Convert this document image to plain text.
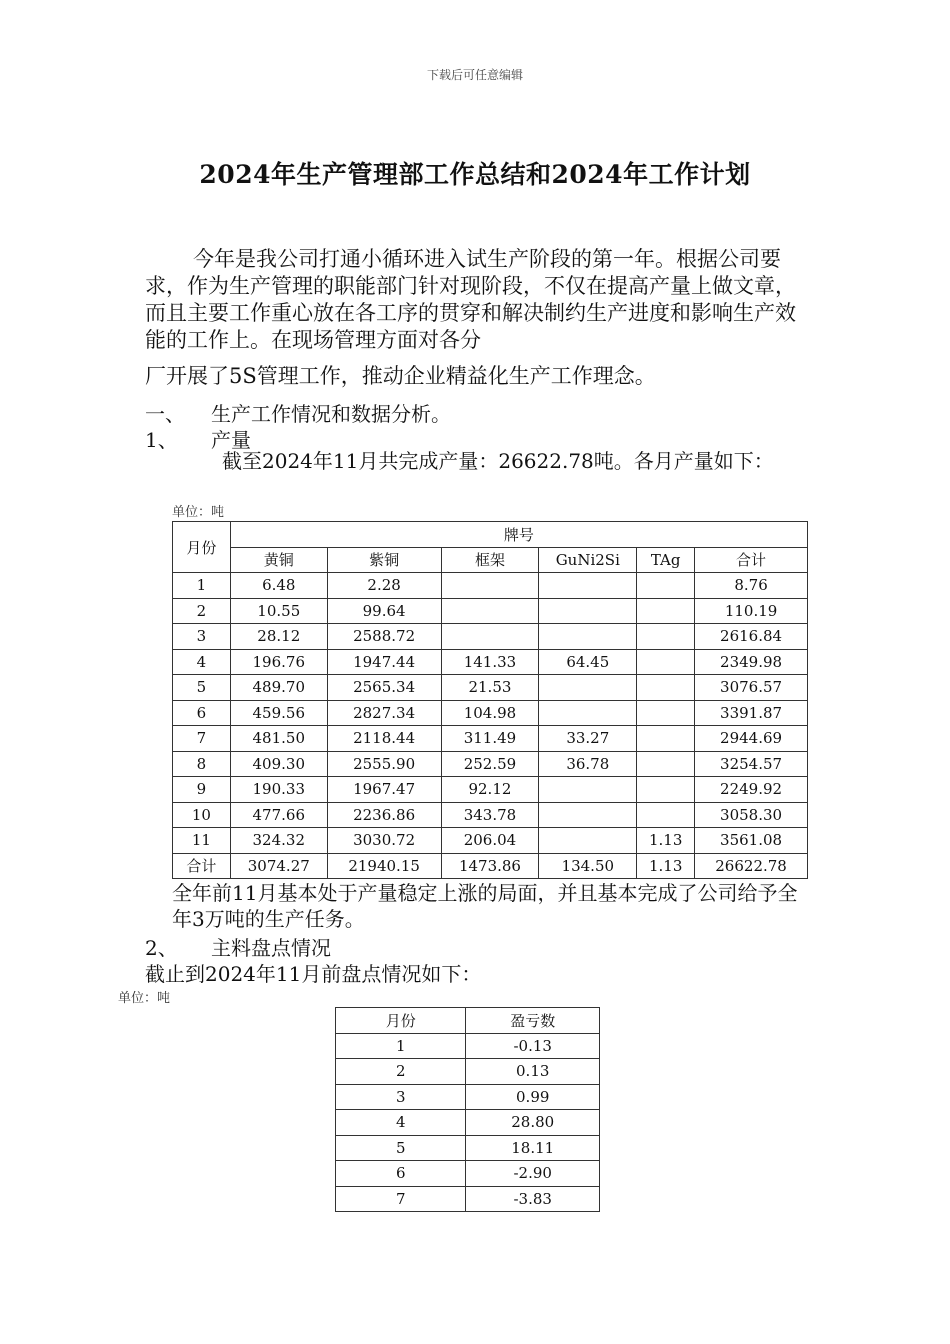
下载后可任意编辑
2024年生产管理部工作总结和2024年工作计划
今年是我公司打通小循环进入试生产阶段的第一年。根据公司要求，作为生产管理的职能部门针对现阶段，不仅在提高产量上做文章，而且主要工作重心放在各工序的贯穿和解决制约生产进度和影响生产效能的工作上。在现场管理方面对各分
厂开展了5S管理工作，推动企业精益化生产工作理念。
一、 生产工作情况和数据分析。
1、 产量
截至2024年11月共完成产量：26622.78吨。各月产量如下：
单位：吨
月份	牌号					
	黄铜	紫铜	框架	GuNi2Si	TAg	合计
1	6.48	2.28				8.76
2	10.55	99.64				110.19
3	28.12	2588.72				2616.84
4	196.76	1947.44	141.33	64.45		2349.98
5	489.70	2565.34	21.53			3076.57
6	459.56	2827.34	104.98			3391.87
7	481.50	2118.44	311.49	33.27		2944.69
8	409.30	2555.90	252.59	36.78		3254.57
9	190.33	1967.47	92.12			2249.92
10	477.66	2236.86	343.78			3058.30
11	324.32	3030.72	206.04		1.13	3561.08
合计	3074.27	21940.15	1473.86	134.50	1.13	26622.78
全年前11月基本处于产量稳定上涨的局面，并且基本完成了公司给予全年3万吨的生产任务。
2、 主料盘点情况
截止到2024年11月前盘点情况如下：
单位：吨
月份	盈亏数
1	-0.13
2	0.13
3	0.99
4	28.80
5	18.11
6	-2.90
7	-3.83
